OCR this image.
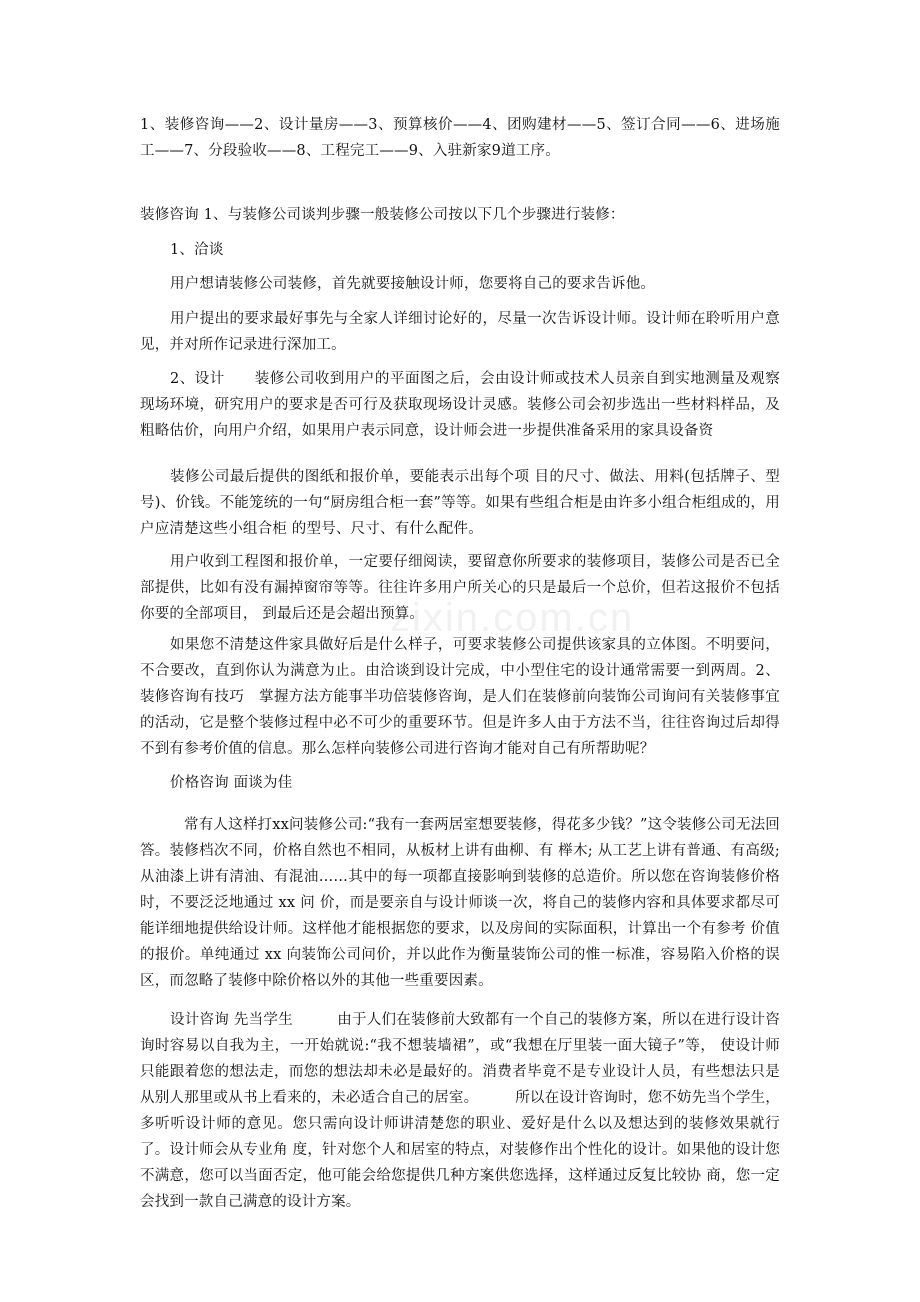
zixin.com.cn

1、装修咨询——2、设计量房——3、预算核价——4、团购建材——5、签订合同——6、进场施工——7、分段验收——8、工程完工——9、入驻新家9道工序。

装修咨询 1、与装修公司谈判步骤一般装修公司按以下几个步骤进行装修：

1、洽谈

用户想请装修公司装修，首先就要接触设计师，您要将自己的要求告诉他。

用户提出的要求最好事先与全家人详细讨论好的，尽量一次告诉设计师。设计师在聆听用户意见，并对所作记录进行深加工。

2、设计　　装修公司收到用户的平面图之后，会由设计师或技术人员亲自到实地测量及观察现场环境，研究用户的要求是否可行及获取现场设计灵感。装修公司会初步选出一些材料样品，及粗略估价，向用户介绍，如果用户表示同意，设计师会进一步提供准备采用的家具设备资

装修公司最后提供的图纸和报价单，要能表示出每个项 目的尺寸、做法、用料(包括牌子、型号)、价钱。不能笼统的一句“厨房组合柜一套”等等。如果有些组合柜是由许多小组合柜组成的，用户应清楚这些小组合柜 的型号、尺寸、有什么配件。

用户收到工程图和报价单，一定要仔细阅读，要留意你所要求的装修项目，装修公司是否已全部提供，比如有没有漏掉窗帘等等。往往许多用户所关心的只是最后一个总价，但若这报价不包括你要的全部项目， 到最后还是会超出预算。

如果您不清楚这件家具做好后是什么样子，可要求装修公司提供该家具的立体图。不明要问，不合要改，直到你认为满意为止。由洽谈到设计完成，中小型住宅的设计通常需要一到两周。2、装修咨询有技巧　掌握方法方能事半功倍装修咨询，是人们在装修前向装饰公司询问有关装修事宜的活动，它是整个装修过程中必不可少的重要环节。但是许多人由于方法不当，往往咨询过后却得不到有参考价值的信息。那么怎样向装修公司进行咨询才能对自己有所帮助呢？

价格咨询 面谈为佳

常有人这样打xx问装修公司:“我有一套两居室想要装修，得花多少钱？”这令装修公司无法回答。装修档次不同，价格自然也不相同，从板材上讲有曲柳、有 榉木; 从工艺上讲有普通、有高级; 从油漆上讲有清油、有混油……其中的每一项都直接影响到装修的总造价。所以您在咨询装修价格时，不要泛泛地通过 xx 问 价，而是要亲自与设计师谈一次，将自己的装修内容和具体要求都尽可能详细地提供给设计师。这样他才能根据您的要求，以及房间的实际面积，计算出一个有参考 价值的报价。单纯通过 xx 向装饰公司问价，并以此作为衡量装饰公司的惟一标准，容易陷入价格的误区，而忽略了装修中除价格以外的其他一些重要因素。

设计咨询 先当学生　　　由于人们在装修前大致都有一个自己的装修方案，所以在进行设计咨询时容易以自我为主，一开始就说:“我不想装墙裙”，或“我想在厅里装一面大镜子”等， 使设计师只能跟着您的想法走，而您的想法却未必是最好的。消费者毕竟不是专业设计人员，有些想法只是从别人那里或从书上看来的，未必适合自己的居室。　　　所以在设计咨询时，您不妨先当个学生，多听听设计师的意见。您只需向设计师讲清楚您的职业、爱好是什么以及想达到的装修效果就行了。设计师会从专业角 度，针对您个人和居室的特点，对装修作出个性化的设计。如果他的设计您不满意，您可以当面否定，他可能会给您提供几种方案供您选择，这样通过反复比较协 商，您一定会找到一款自己满意的设计方案。
